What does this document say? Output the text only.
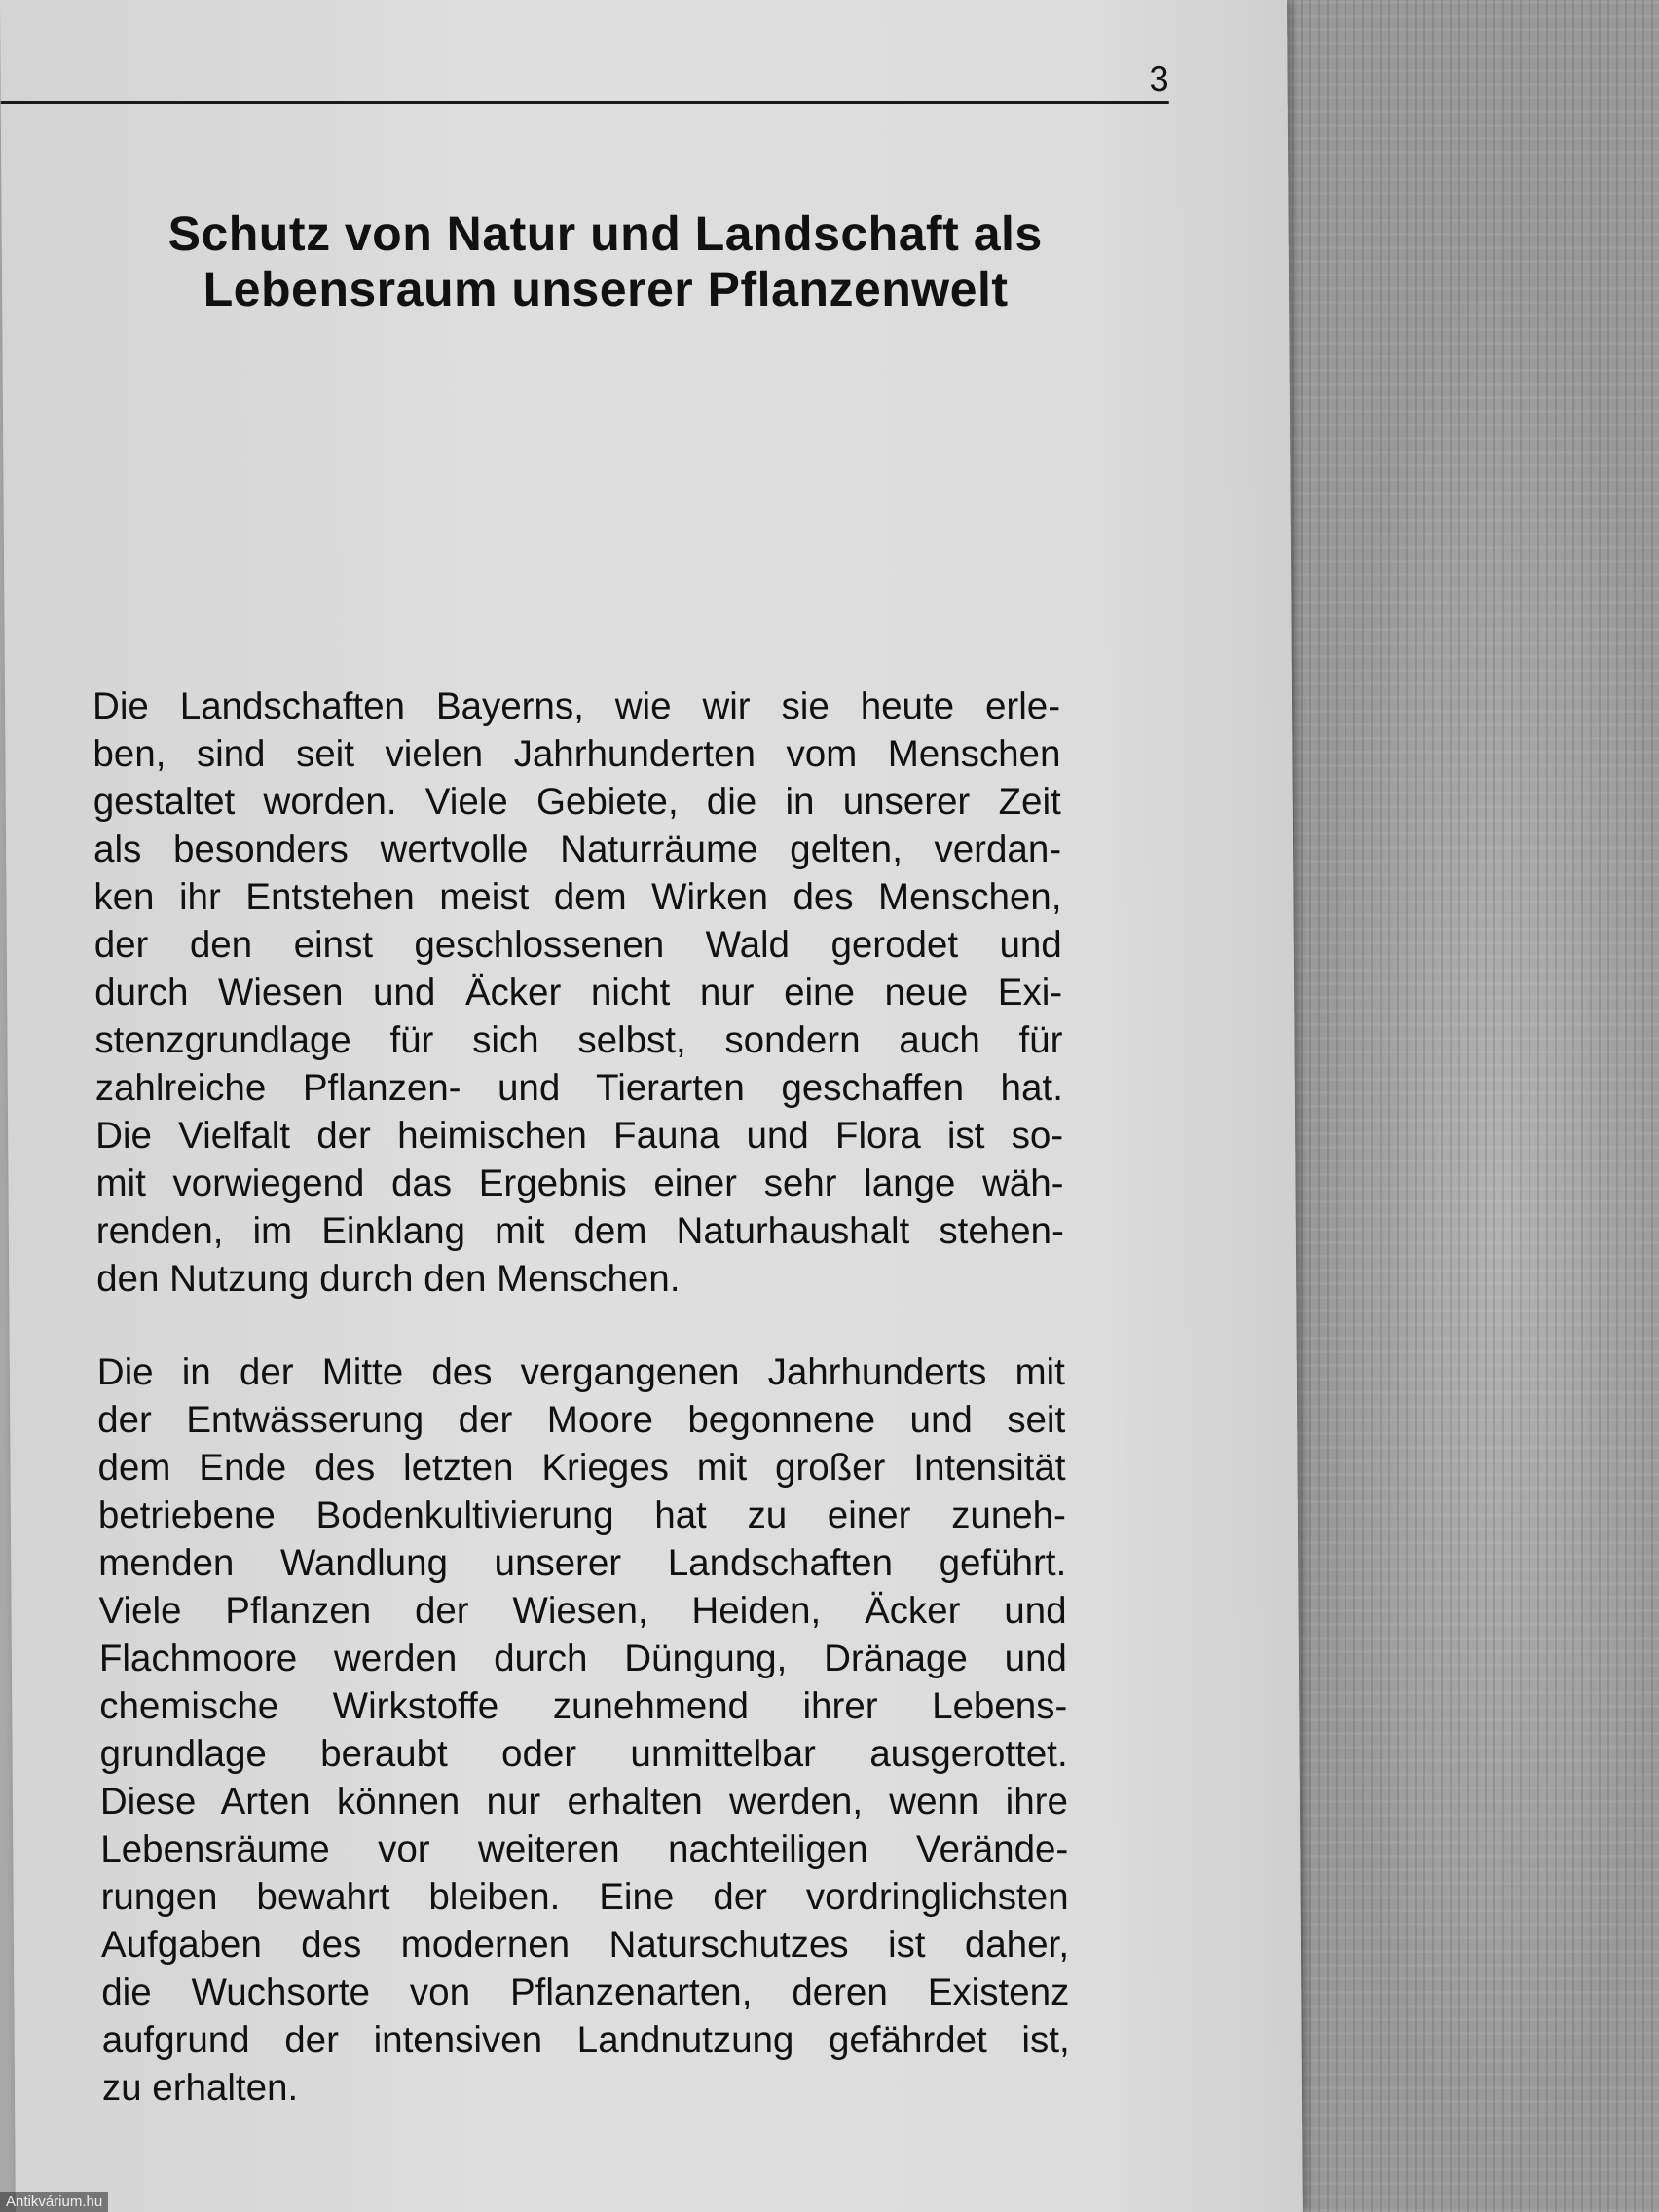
3

Schutz von Natur und Landschaft als
Lebensraum unserer Pflanzenwelt

Die Landschaften Bayerns, wie wir sie heute erle-
ben, sind seit vielen Jahrhunderten vom Menschen
gestaltet worden. Viele Gebiete, die in unserer Zeit
als besonders wertvolle Naturräume gelten, verdan-
ken ihr Entstehen meist dem Wirken des Menschen,
der den einst geschlossenen Wald gerodet und
durch Wiesen und Äcker nicht nur eine neue Exi-
stenzgrundlage für sich selbst, sondern auch für
zahlreiche Pflanzen- und Tierarten geschaffen hat.
Die Vielfalt der heimischen Fauna und Flora ist so-
mit vorwiegend das Ergebnis einer sehr lange wäh-
renden, im Einklang mit dem Naturhaushalt stehen-
den Nutzung durch den Menschen.

Die in der Mitte des vergangenen Jahrhunderts mit
der Entwässerung der Moore begonnene und seit
dem Ende des letzten Krieges mit großer Intensität
betriebene Bodenkultivierung hat zu einer zuneh-
menden Wandlung unserer Landschaften geführt.
Viele Pflanzen der Wiesen, Heiden, Äcker und
Flachmoore werden durch Düngung, Dränage und
chemische Wirkstoffe zunehmend ihrer Lebens-
grundlage beraubt oder unmittelbar ausgerottet.
Diese Arten können nur erhalten werden, wenn ihre
Lebensräume vor weiteren nachteiligen Verände-
rungen bewahrt bleiben. Eine der vordringlichsten
Aufgaben des modernen Naturschutzes ist daher,
die Wuchsorte von Pflanzenarten, deren Existenz
aufgrund der intensiven Landnutzung gefährdet ist,
zu erhalten.

Antikvárium.hu
